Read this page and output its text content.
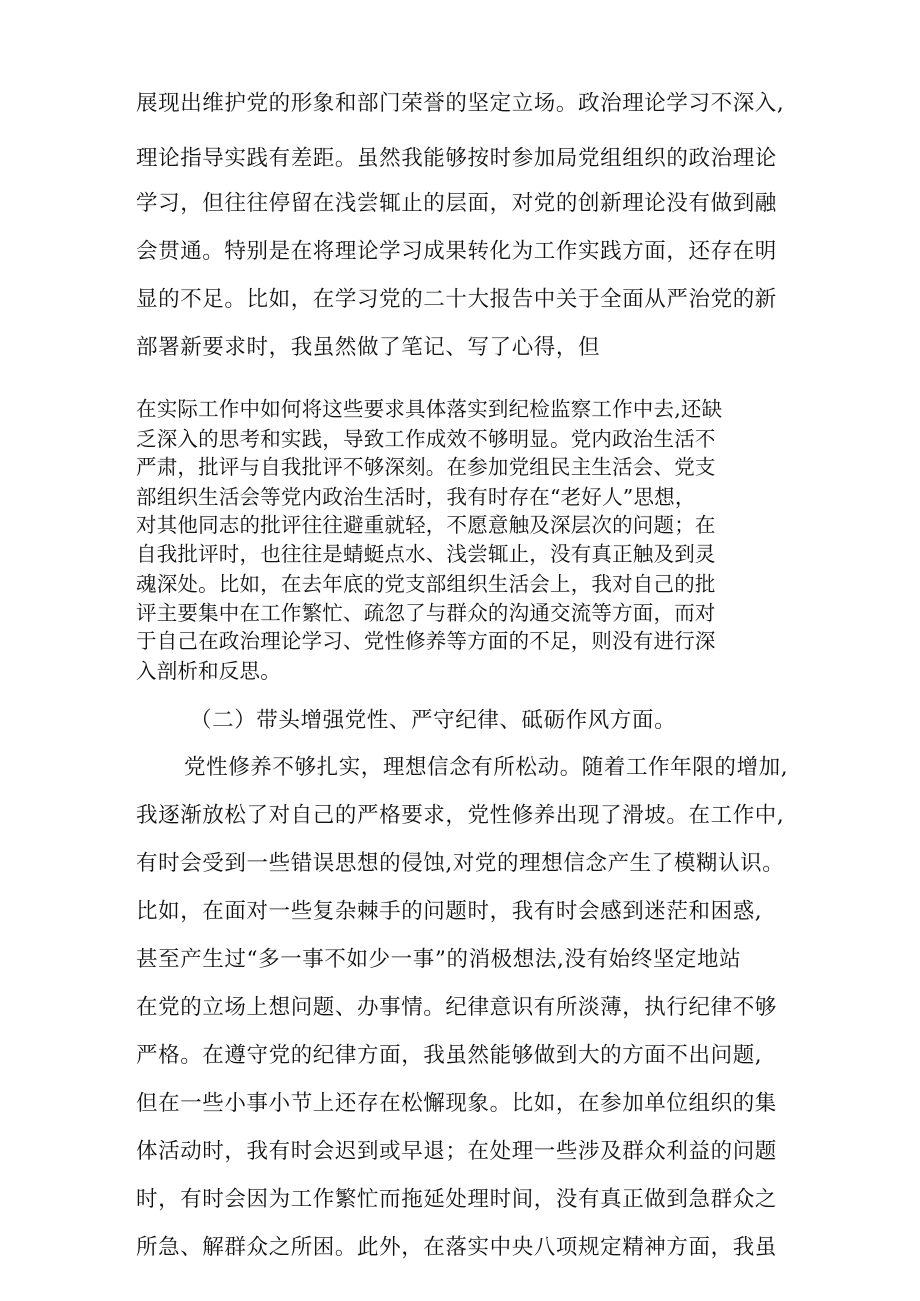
展现出维护党的形象和部门荣誉的坚定立场。政治理论学习不深入,
理论指导实践有差距。虽然我能够按时参加局党组组织的政治理论
学习，但往往停留在浅尝辄止的层面，对党的创新理论没有做到融
会贯通。特别是在将理论学习成果转化为工作实践方面，还存在明
显的不足。比如，在学习党的二十大报告中关于全面从严治党的新
部署新要求时，我虽然做了笔记、写了心得，但
在实际工作中如何将这些要求具体落实到纪检监察工作中去,还缺
乏深入的思考和实践，导致工作成效不够明显。党内政治生活不
严肃，批评与自我批评不够深刻。在参加党组民主生活会、党支
部组织生活会等党内政治生活时，我有时存在“老好人”思想，
对其他同志的批评往往避重就轻，不愿意触及深层次的问题；在
自我批评时，也往往是蜻蜓点水、浅尝辄止，没有真正触及到灵
魂深处。比如，在去年底的党支部组织生活会上，我对自己的批
评主要集中在工作繁忙、疏忽了与群众的沟通交流等方面，而对
于自己在政治理论学习、党性修养等方面的不足，则没有进行深
入剖析和反思。
（二）带头增强党性、严守纪律、砥砺作风方面。
党性修养不够扎实，理想信念有所松动。随着工作年限的增加,
我逐渐放松了对自己的严格要求，党性修养出现了滑坡。在工作中,
有时会受到一些错误思想的侵蚀,对党的理想信念产生了模糊认识。
比如，在面对一些复杂棘手的问题时，我有时会感到迷茫和困惑,
甚至产生过“多一事不如少一事”的消极想法,没有始终坚定地站
在党的立场上想问题、办事情。纪律意识有所淡薄，执行纪律不够
严格。在遵守党的纪律方面，我虽然能够做到大的方面不出问题,
但在一些小事小节上还存在松懈现象。比如，在参加单位组织的集
体活动时，我有时会迟到或早退；在处理一些涉及群众利益的问题
时，有时会因为工作繁忙而拖延处理时间，没有真正做到急群众之
所急、解群众之所困。此外，在落实中央八项规定精神方面，我虽
